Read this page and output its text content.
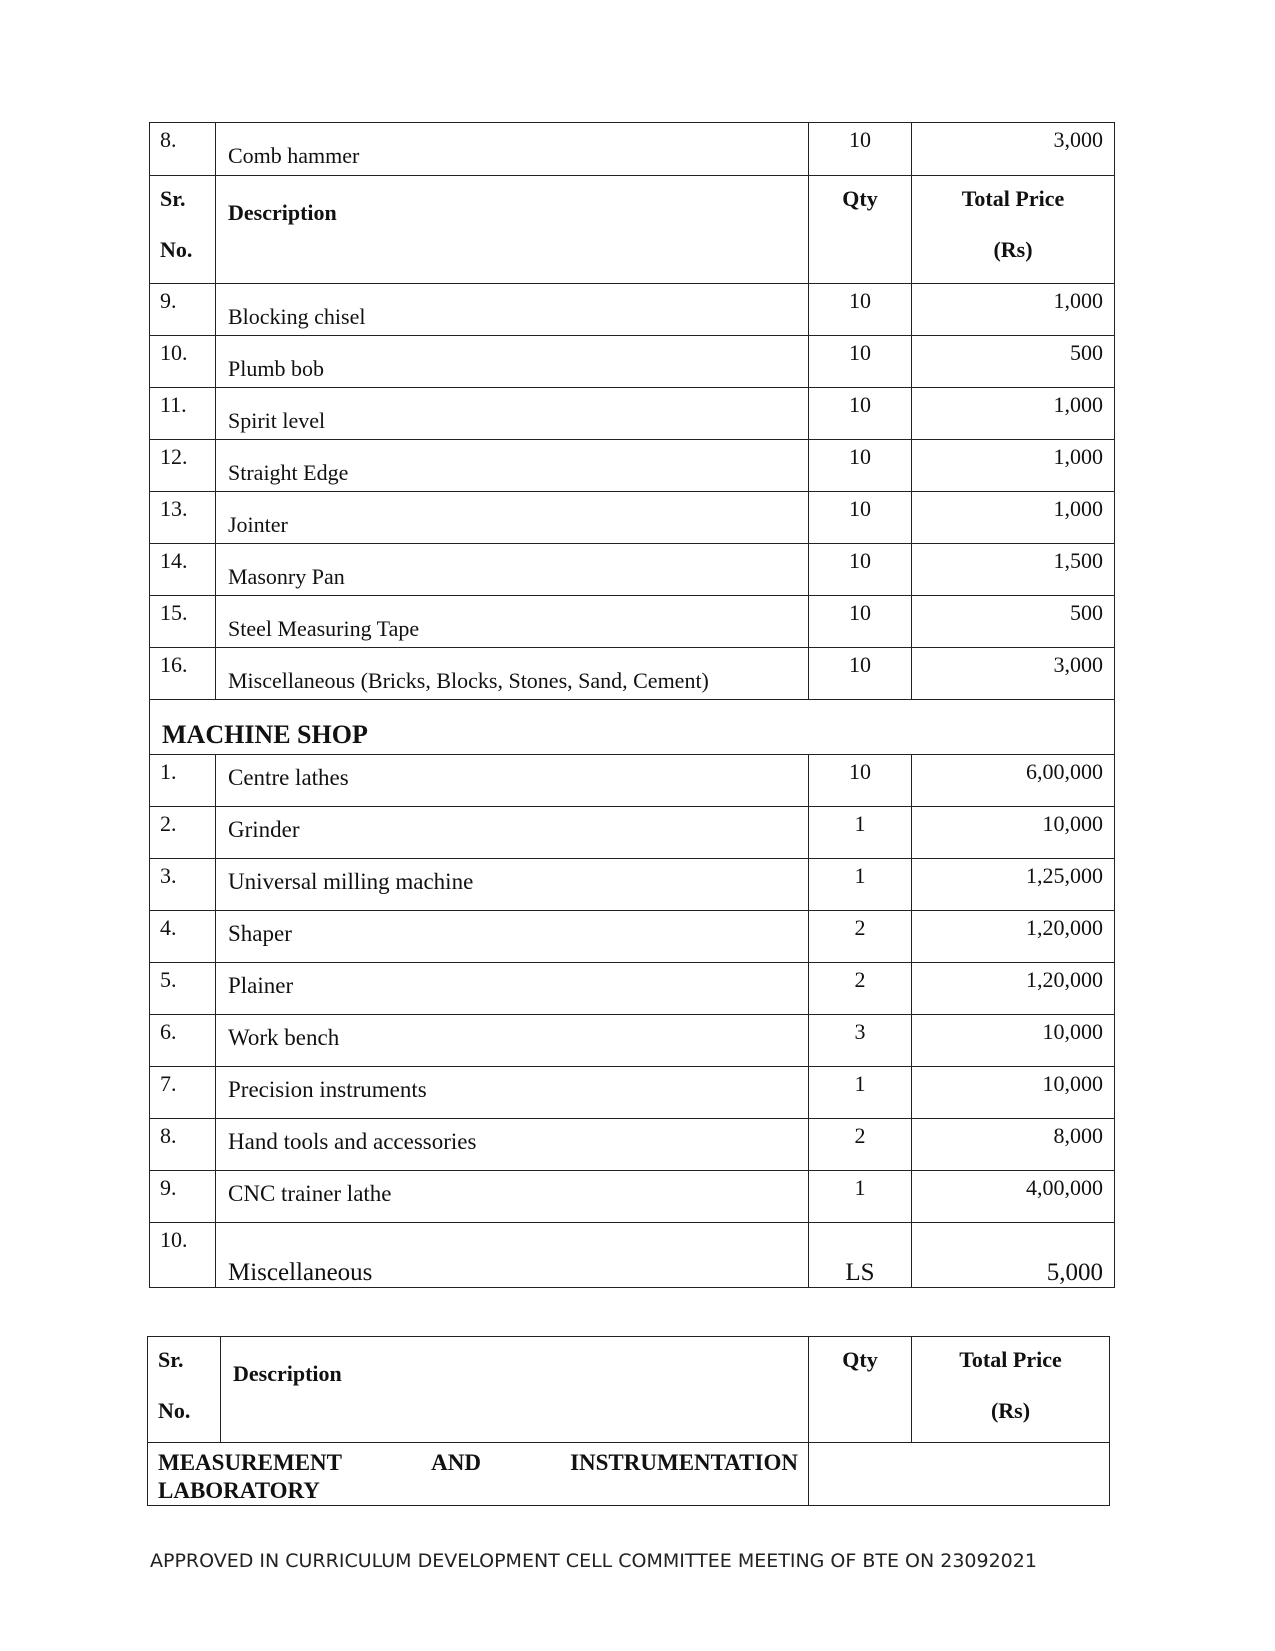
8.	Comb hammer	10	3,000

Sr.
No.	Description	Qty	Total Price
(Rs)

9.	Blocking chisel	10	1,000
10.	Plumb bob	10	500
11.	Spirit level	10	1,000
12.	Straight Edge	10	1,000
13.	Jointer	10	1,000
14.	Masonry Pan	10	1,500
15.	Steel Measuring Tape	10	500
16.	Miscellaneous (Bricks, Blocks, Stones, Sand, Cement)	10	3,000
MACHINE SHOP			
1.	Centre lathes	10	6,00,000
2.	Grinder	1	10,000
3.	Universal milling machine	1	1,25,000
4.	Shaper	2	1,20,000
5.	Plainer	2	1,20,000
6.	Work bench	3	10,000
7.	Precision instruments	1	10,000
8.	Hand tools and accessories	2	8,000
9.	CNC trainer lathe	1	4,00,000
10.	Miscellaneous	LS	5,000
Sr.
No.	Description	Qty	Total Price
(Rs)

MEASUREMENT AND INSTRUMENTATION
LABORATORY			

APPROVED IN CURRICULUM DEVELOPMENT CELL COMMITTEE MEETING OF BTE ON 23092021
